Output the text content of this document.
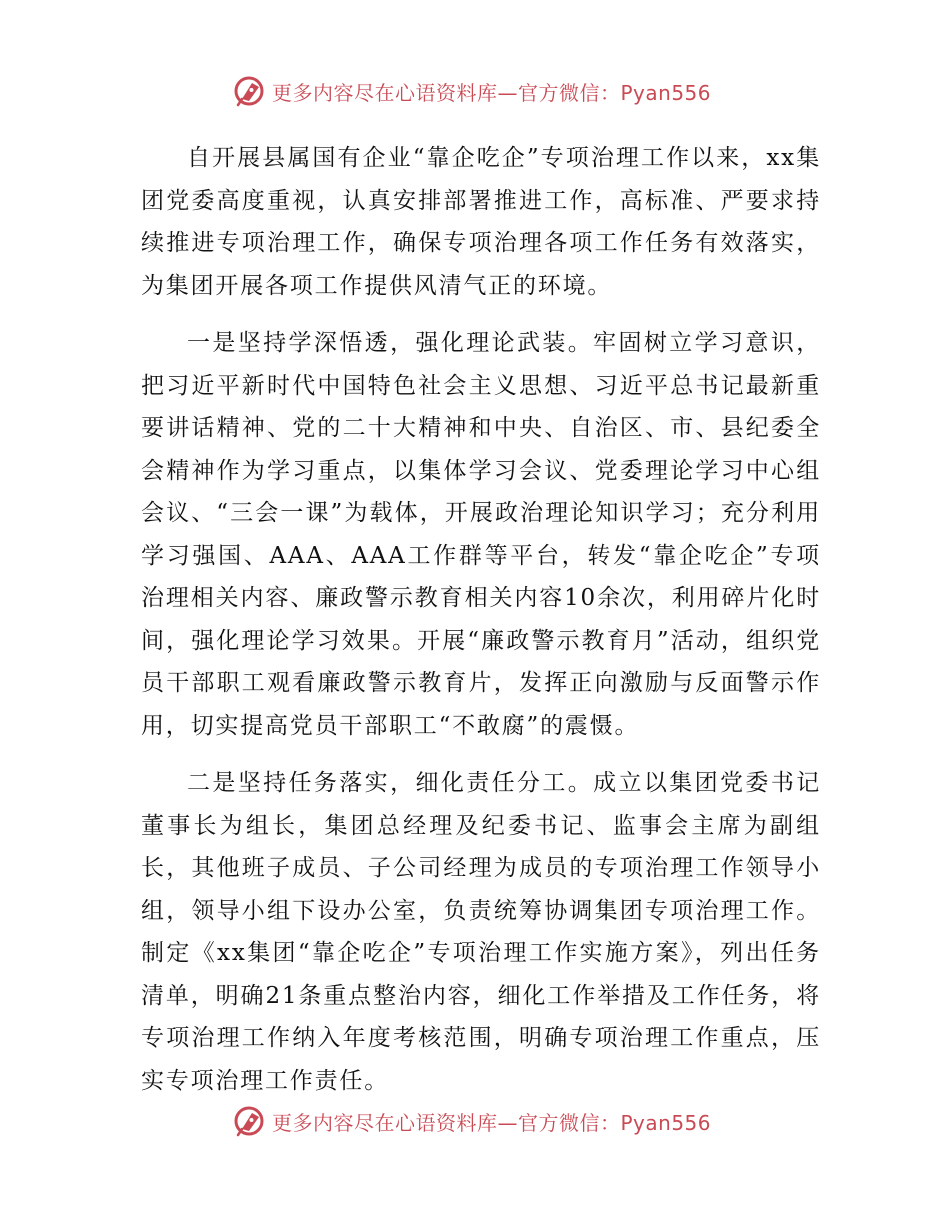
更多内容尽在心语资料库—官方微信：Pyan556

自开展县属国有企业“靠企吃企”专项治理工作以来，xx集团党委高度重视，认真安排部署推进工作，高标准、严要求持续推进专项治理工作，确保专项治理各项工作任务有效落实，为集团开展各项工作提供风清气正的环境。

一是坚持学深悟透，强化理论武装。牢固树立学习意识，把习近平新时代中国特色社会主义思想、习近平总书记最新重要讲话精神、党的二十大精神和中央、自治区、市、县纪委全会精神作为学习重点，以集体学习会议、党委理论学习中心组会议、“三会一课”为载体，开展政治理论知识学习；充分利用学习强国、AAA、AAA工作群等平台，转发“靠企吃企”专项治理相关内容、廉政警示教育相关内容10余次，利用碎片化时间，强化理论学习效果。开展“廉政警示教育月”活动，组织党员干部职工观看廉政警示教育片，发挥正向激励与反面警示作用，切实提高党员干部职工“不敢腐”的震慑。

二是坚持任务落实，细化责任分工。成立以集团党委书记董事长为组长，集团总经理及纪委书记、监事会主席为副组长，其他班子成员、子公司经理为成员的专项治理工作领导小组，领导小组下设办公室，负责统筹协调集团专项治理工作。制定《xx集团“靠企吃企”专项治理工作实施方案》，列出任务清单，明确21条重点整治内容，细化工作举措及工作任务，将专项治理工作纳入年度考核范围，明确专项治理工作重点，压实专项治理工作责任。

更多内容尽在心语资料库—官方微信：Pyan556
